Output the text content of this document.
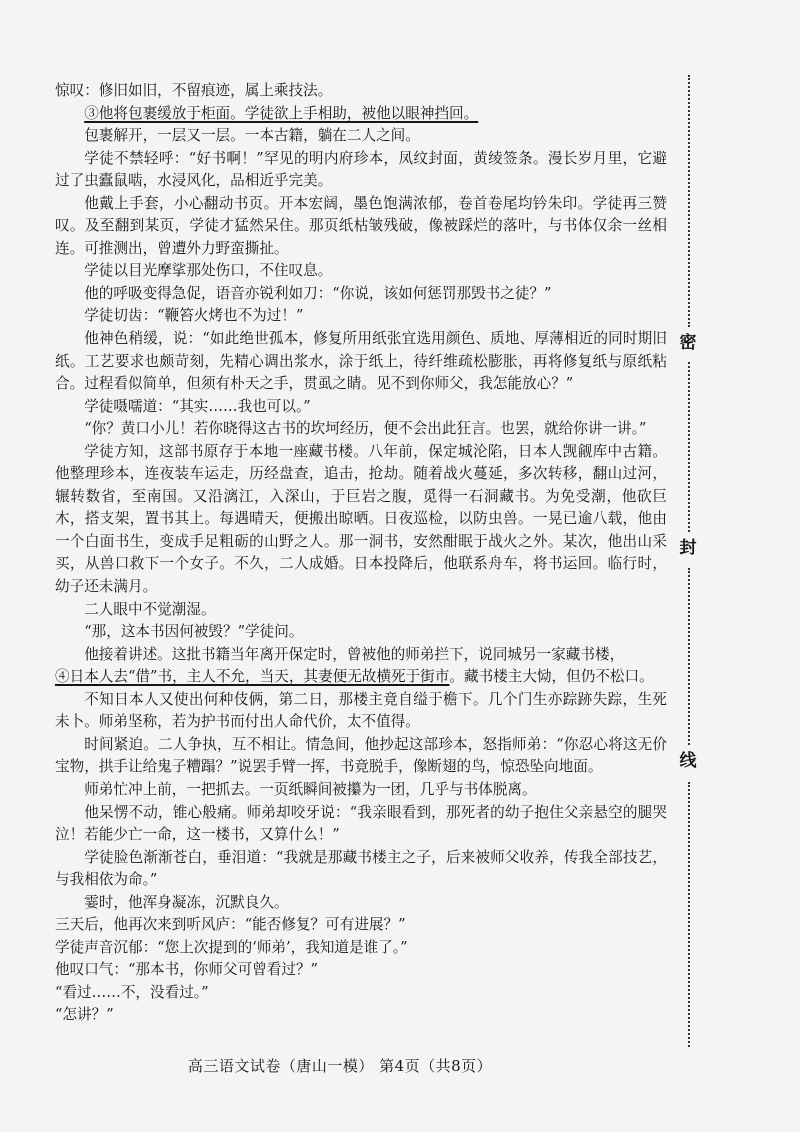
惊叹：修旧如旧，不留痕迹，属上乘技法。

③他将包裹缓放于柜面。学徒欲上手相助，被他以眼神挡回。

包裹解开，一层又一层。一本古籍，躺在二人之间。

学徒不禁轻呼：“好书啊！”罕见的明内府珍本，凤纹封面，黄绫签条。漫长岁月里，它避过了虫蠹鼠啮，水浸风化，品相近乎完美。

他戴上手套，小心翻动书页。开本宏阔，墨色饱满浓郁，卷首卷尾均钤朱印。学徒再三赞叹。及至翻到某页，学徒才猛然呆住。那页纸枯皱残破，像被踩烂的落叶，与书体仅余一丝相连。可推测出，曾遭外力野蛮撕扯。

学徒以目光摩挲那处伤口，不住叹息。

他的呼吸变得急促，语音亦锐利如刀：“你说，该如何惩罚那毁书之徒？”

学徒切齿：“鞭笞火烤也不为过！”

他神色稍缓，说：“如此绝世孤本，修复所用纸张宜选用颜色、质地、厚薄相近的同时期旧纸。工艺要求也颇苛刻，先精心调出浆水，涂于纸上，待纤维疏松膨胀，再将修复纸与原纸粘合。过程看似简单，但须有朴天之手，贯虱之睛。见不到你师父，我怎能放心？”

学徒嗫嚅道：“其实……我也可以。”

“你？黄口小儿！若你晓得这古书的坎坷经历，便不会出此狂言。也罢，就给你讲一讲。”

学徒方知，这部书原存于本地一座藏书楼。八年前，保定城沦陷，日本人觊觎库中古籍。他整理珍本，连夜装车运走，历经盘查，追击，抢劫。随着战火蔓延，多次转移，翻山过河，辗转数省，至南国。又沿漓江，入深山，于巨岩之腹，觅得一石洞藏书。为免受潮，他砍巨木，搭支架，置书其上。每遇晴天，便搬出晾晒。日夜巡检，以防虫兽。一晃已逾八载，他由一个白面书生，变成手足粗砺的山野之人。那一洞书，安然酣眠于战火之外。某次，他出山采买，从兽口救下一个女子。不久，二人成婚。日本投降后，他联系舟车，将书运回。临行时，幼子还未满月。

二人眼中不觉潮湿。

“那，这本书因何被毁？”学徒问。

他接着讲述。这批书籍当年离开保定时，曾被他的师弟拦下，说同城另一家藏书楼，

④日本人去“借”书，主人不允，当天，其妻便无故横死于街市。藏书楼主大恸，但仍不松口。

不知日本人又使出何种伎俩，第二日，那楼主竟自缢于檐下。几个门生亦踪跡失踪，生死未卜。师弟坚称，若为护书而付出人命代价，太不值得。

时间紧迫。二人争执，互不相让。情急间，他抄起这部珍本，怒指师弟：“你忍心将这无价宝物，拱手让给鬼子糟蹋？”说罢手臂一挥，书竟脱手，像断翅的鸟，惊恐坠向地面。

师弟忙冲上前，一把抓去。一页纸瞬间被攥为一团，几乎与书体脱离。

他呆愣不动，锥心般痛。师弟却咬牙说：“我亲眼看到，那死者的幼子抱住父亲悬空的腿哭泣！若能少亡一命，这一楼书，又算什么！”

学徒脸色渐渐苍白，垂泪道：“我就是那藏书楼主之子，后来被师父收养，传我全部技艺，与我相依为命。”

霎时，他浑身凝冻，沉默良久。

三天后，他再次来到听风庐：“能否修复？可有进展？”

学徒声音沉郁：“您上次提到的‘师弟’，我知道是谁了。”

他叹口气：“那本书，你师父可曾看过？”

“看过……不，没看过。”

“怎讲？”

密
封
线
高三语文试卷（唐山一模） 第4页（共8页）
